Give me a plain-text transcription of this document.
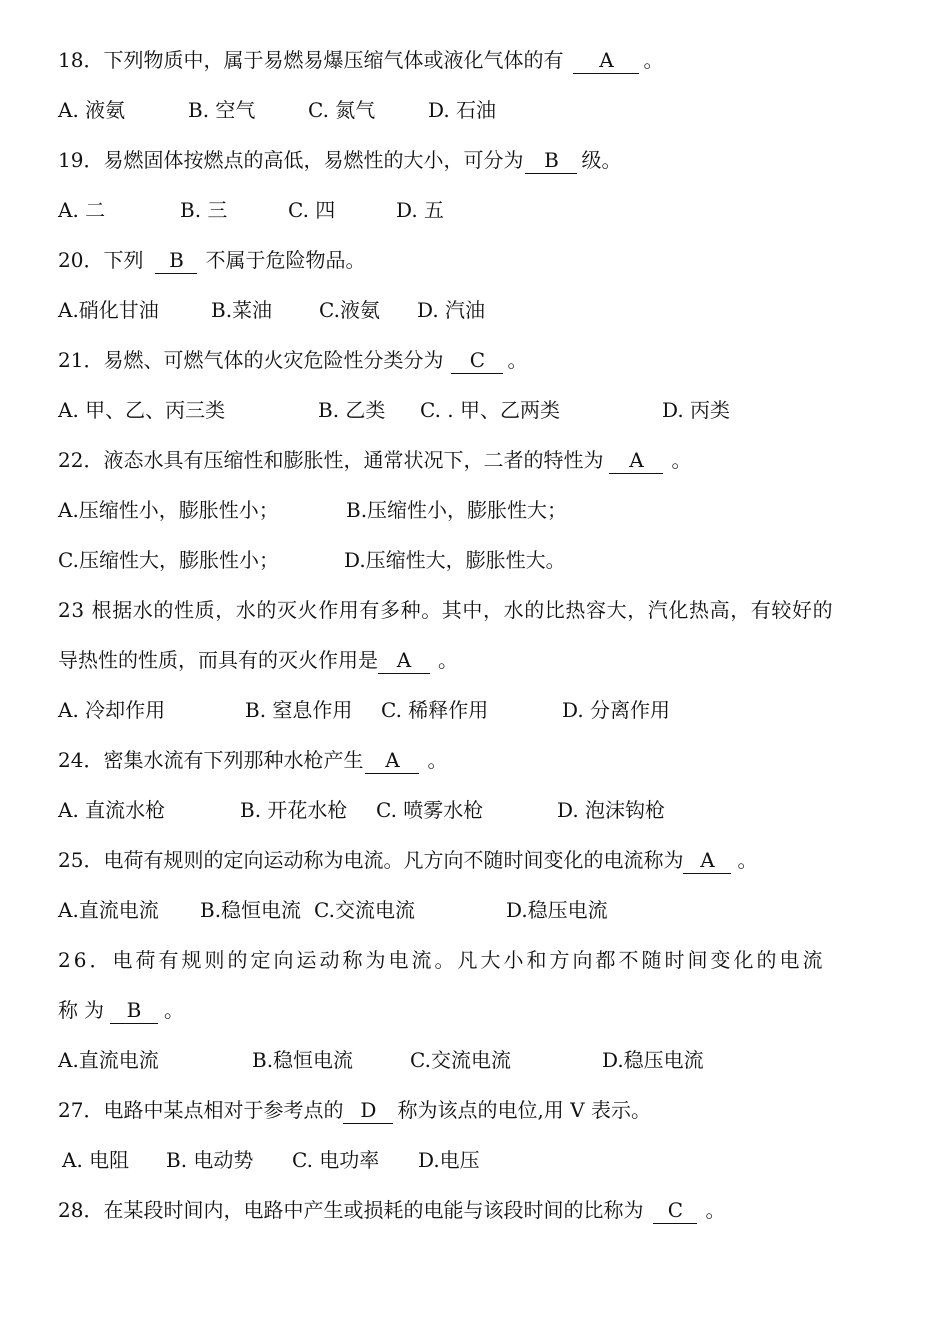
18．下列物质中，属于易燃易爆压缩气体或液化气体的有 A 。
A. 液氨	B. 空气	C. 氮气	D. 石油
19．易燃固体按燃点的高低，易燃性的大小，可分为 B 级。
A. 二	B. 三	C. 四	D. 五
20．下列 B 不属于危险物品。
A.硝化甘油	B.菜油 C.液氨 D. 汽油
21．易燃、可燃气体的火灾危险性分类分为 C 。
A. 甲、乙、丙三类	B. 乙类 C. . 甲、乙两类	D. 丙类
22．液态水具有压缩性和膨胀性，通常状况下，二者的特性为 A 。
A.压缩性小，膨胀性小；	B.压缩性小，膨胀性大；
C.压缩性大，膨胀性小；	D.压缩性大，膨胀性大。
23 根据水的性质，水的灭火作用有多种。其中，水的比热容大，汽化热高，有较好的
导热性的性质，而具有的灭火作用是 A 。
A. 冷却作用	B. 窒息作用 C. 稀释作用	D. 分离作用
24．密集水流有下列那种水枪产生 A 。
A. 直流水枪	B. 开花水枪 C. 喷雾水枪	D. 泡沫钩枪
25．电荷有规则的定向运动称为电流。凡方向不随时间变化的电流称为 A 。
A.直流电流 B.稳恒电流 C.交流电流	D.稳压电流
26．电荷有规则的定向运动称为电流。凡大小和方向都不随时间变化的电流
称为 B 。
A.直流电流	B.稳恒电流	C.交流电流	D.稳压电流
27．电路中某点相对于参考点的 D 称为该点的电位,用 V 表示。
A. 电阻 B. 电动势 C. 电功率 D.电压
28．在某段时间内，电路中产生或损耗的电能与该段时间的比称为 C 。
